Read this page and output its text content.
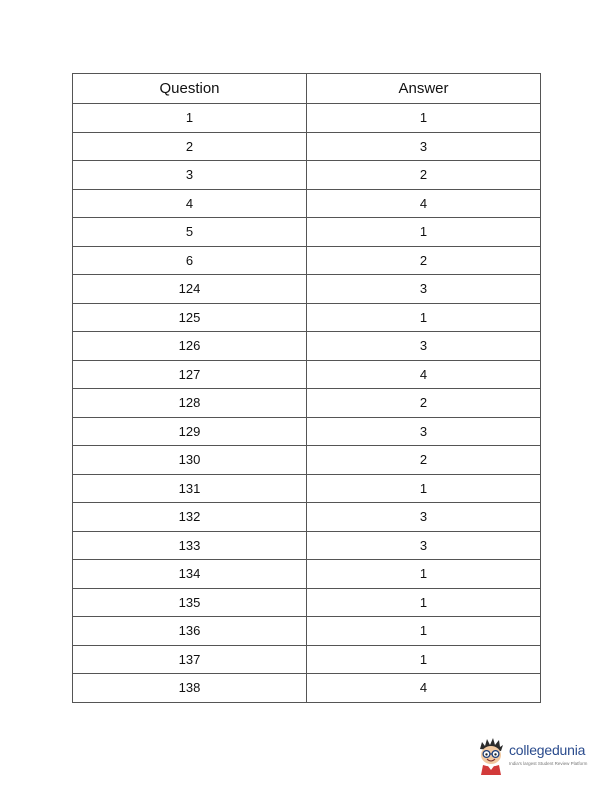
Question	Answer
1	1
2	3
3	2
4	4
5	1
6	2
124	3
125	1
126	3
127	4
128	2
129	3
130	2
131	1
132	3
133	3
134	1
135	1
136	1
137	1
138	4
collegedunia
India's largest Student Review Platform
